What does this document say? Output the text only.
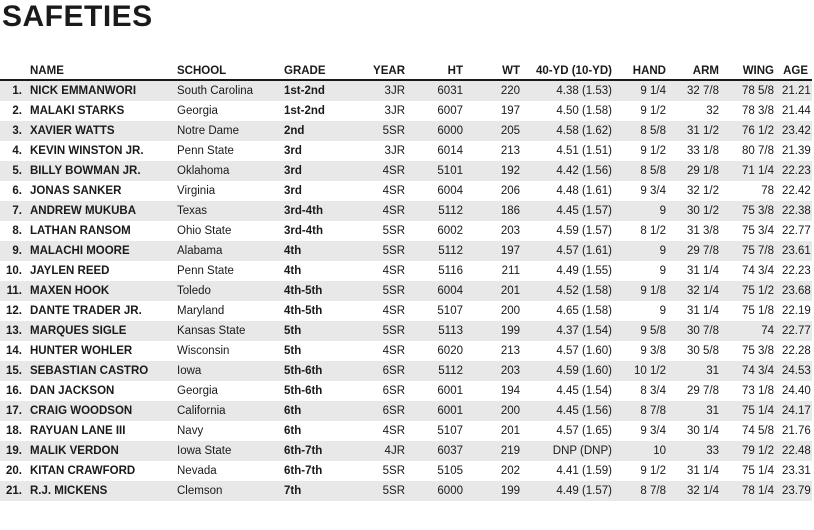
SAFETIES
	NAME	SCHOOL	GRADE	YEAR	HT	WT	40-YD (10-YD)	HAND	ARM	WING	AGE
1.	NICK EMMANWORI	South Carolina	1st-2nd	3JR	6031	220	4.38 (1.53)	9 1/4	32 7/8	78 5/8	21.21
2.	MALAKI STARKS	Georgia	1st-2nd	3JR	6007	197	4.50 (1.58)	9 1/2	32	78 3/8	21.44
3.	XAVIER WATTS	Notre Dame	2nd	5SR	6000	205	4.58 (1.62)	8 5/8	31 1/2	76 1/2	23.42
4.	KEVIN WINSTON JR.	Penn State	3rd	3JR	6014	213	4.51 (1.51)	9 1/2	33 1/8	80 7/8	21.39
5.	BILLY BOWMAN JR.	Oklahoma	3rd	4SR	5101	192	4.42 (1.56)	8 5/8	29 1/8	71 1/4	22.23
6.	JONAS SANKER	Virginia	3rd	4SR	6004	206	4.48 (1.61)	9 3/4	32 1/2	78	22.42
7.	ANDREW MUKUBA	Texas	3rd-4th	4SR	5112	186	4.45 (1.57)	9	30 1/2	75 3/8	22.38
8.	LATHAN RANSOM	Ohio State	3rd-4th	5SR	6002	203	4.59 (1.57)	8 1/2	31 3/8	75 3/4	22.77
9.	MALACHI MOORE	Alabama	4th	5SR	5112	197	4.57 (1.61)	9	29 7/8	75 7/8	23.61
10.	JAYLEN REED	Penn State	4th	4SR	5116	211	4.49 (1.55)	9	31 1/4	74 3/4	22.23
11.	MAXEN HOOK	Toledo	4th-5th	5SR	6004	201	4.52 (1.58)	9 1/8	32 1/4	75 1/2	23.68
12.	DANTE TRADER JR.	Maryland	4th-5th	4SR	5107	200	4.65 (1.58)	9	31 1/4	75 1/8	22.19
13.	MARQUES SIGLE	Kansas State	5th	5SR	5113	199	4.37 (1.54)	9 5/8	30 7/8	74	22.77
14.	HUNTER WOHLER	Wisconsin	5th	4SR	6020	213	4.57 (1.60)	9 3/8	30 5/8	75 3/8	22.28
15.	SEBASTIAN CASTRO	Iowa	5th-6th	6SR	5112	203	4.59 (1.60)	10 1/2	31	74 3/4	24.53
16.	DAN JACKSON	Georgia	5th-6th	6SR	6001	194	4.45 (1.54)	8 3/4	29 7/8	73 1/8	24.40
17.	CRAIG WOODSON	California	6th	6SR	6001	200	4.45 (1.56)	8 7/8	31	75 1/4	24.17
18.	RAYUAN LANE III	Navy	6th	4SR	5107	201	4.57 (1.65)	9 3/4	30 1/4	74 5/8	21.76
19.	MALIK VERDON	Iowa State	6th-7th	4JR	6037	219	DNP (DNP)	10	33	79 1/2	22.48
20.	KITAN CRAWFORD	Nevada	6th-7th	5SR	5105	202	4.41 (1.59)	9 1/2	31 1/4	75 1/4	23.31
21.	R.J. MICKENS	Clemson	7th	5SR	6000	199	4.49 (1.57)	8 7/8	32 1/4	78 1/4	23.79
